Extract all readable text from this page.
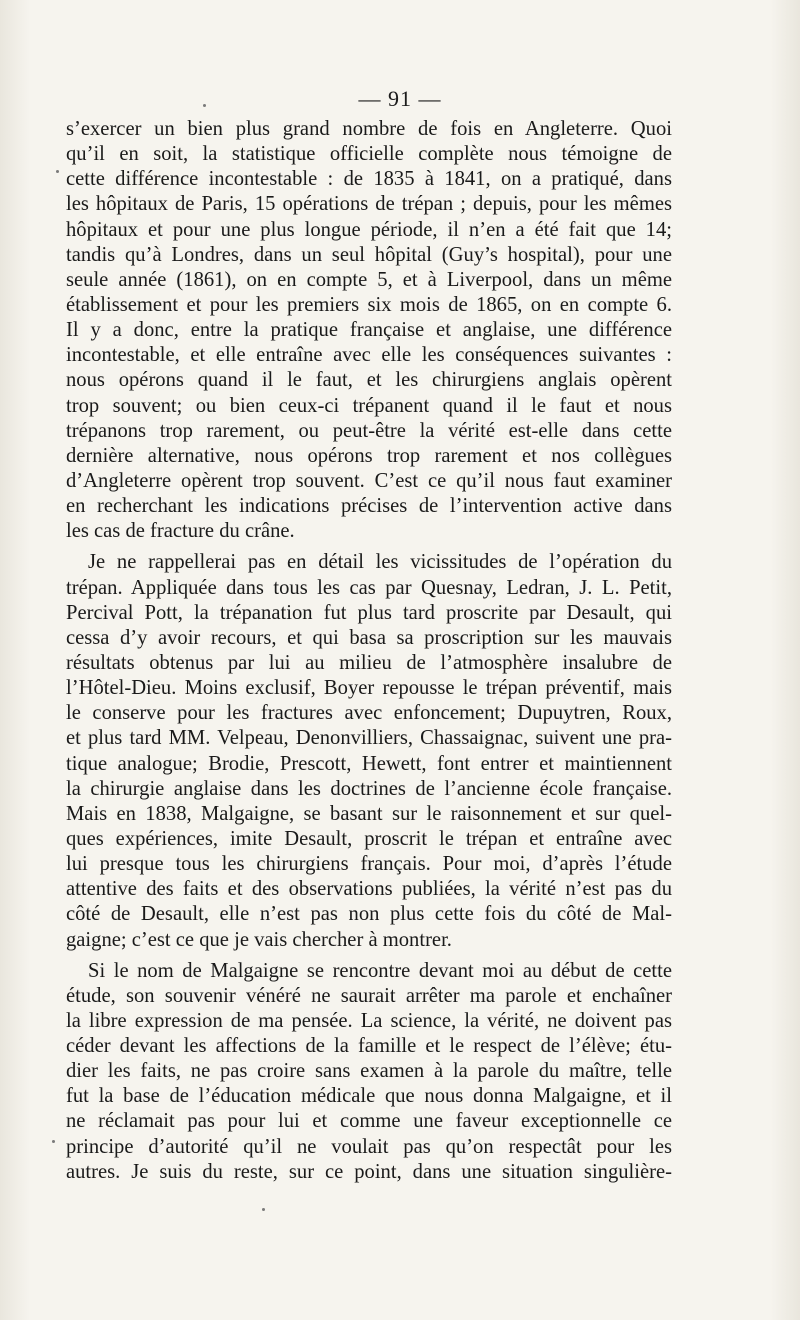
— 91 —
s’exercer un bien plus grand nombre de fois en Angleterre. Quoi
qu’il en soit, la statistique officielle complète nous témoigne de
cette différence incontestable : de 1835 à 1841, on a pratiqué, dans
les hôpitaux de Paris, 15 opérations de trépan ; depuis, pour les mêmes
hôpitaux et pour une plus longue période, il n’en a été fait que 14;
tandis qu’à Londres, dans un seul hôpital (Guy’s hospital), pour une
seule année (1861), on en compte 5, et à Liverpool, dans un même
établissement et pour les premiers six mois de 1865, on en compte 6.
Il y a donc, entre la pratique française et anglaise, une différence
incontestable, et elle entraîne avec elle les conséquences suivantes :
nous opérons quand il le faut, et les chirurgiens anglais opèrent
trop souvent; ou bien ceux-ci trépanent quand il le faut et nous
trépanons trop rarement, ou peut-être la vérité est-elle dans cette
dernière alternative, nous opérons trop rarement et nos collègues
d’Angleterre opèrent trop souvent. C’est ce qu’il nous faut examiner
en recherchant les indications précises de l’intervention active dans
les cas de fracture du crâne.
Je ne rappellerai pas en détail les vicissitudes de l’opération du
trépan. Appliquée dans tous les cas par Quesnay, Ledran, J. L. Petit,
Percival Pott, la trépanation fut plus tard proscrite par Desault, qui
cessa d’y avoir recours, et qui basa sa proscription sur les mauvais
résultats obtenus par lui au milieu de l’atmosphère insalubre de
l’Hôtel-Dieu. Moins exclusif, Boyer repousse le trépan préventif, mais
le conserve pour les fractures avec enfoncement; Dupuytren, Roux,
et plus tard MM. Velpeau, Denonvilliers, Chassaignac, suivent une pra-
tique analogue; Brodie, Prescott, Hewett, font entrer et maintiennent
la chirurgie anglaise dans les doctrines de l’ancienne école française.
Mais en 1838, Malgaigne, se basant sur le raisonnement et sur quel-
ques expériences, imite Desault, proscrit le trépan et entraîne avec
lui presque tous les chirurgiens français. Pour moi, d’après l’étude
attentive des faits et des observations publiées, la vérité n’est pas du
côté de Desault, elle n’est pas non plus cette fois du côté de Mal-
gaigne; c’est ce que je vais chercher à montrer.
Si le nom de Malgaigne se rencontre devant moi au début de cette
étude, son souvenir vénéré ne saurait arrêter ma parole et enchaîner
la libre expression de ma pensée. La science, la vérité, ne doivent pas
céder devant les affections de la famille et le respect de l’élève; étu-
dier les faits, ne pas croire sans examen à la parole du maître, telle
fut la base de l’éducation médicale que nous donna Malgaigne, et il
ne réclamait pas pour lui et comme une faveur exceptionnelle ce
principe d’autorité qu’il ne voulait pas qu’on respectât pour les
autres. Je suis du reste, sur ce point, dans une situation singulière-
